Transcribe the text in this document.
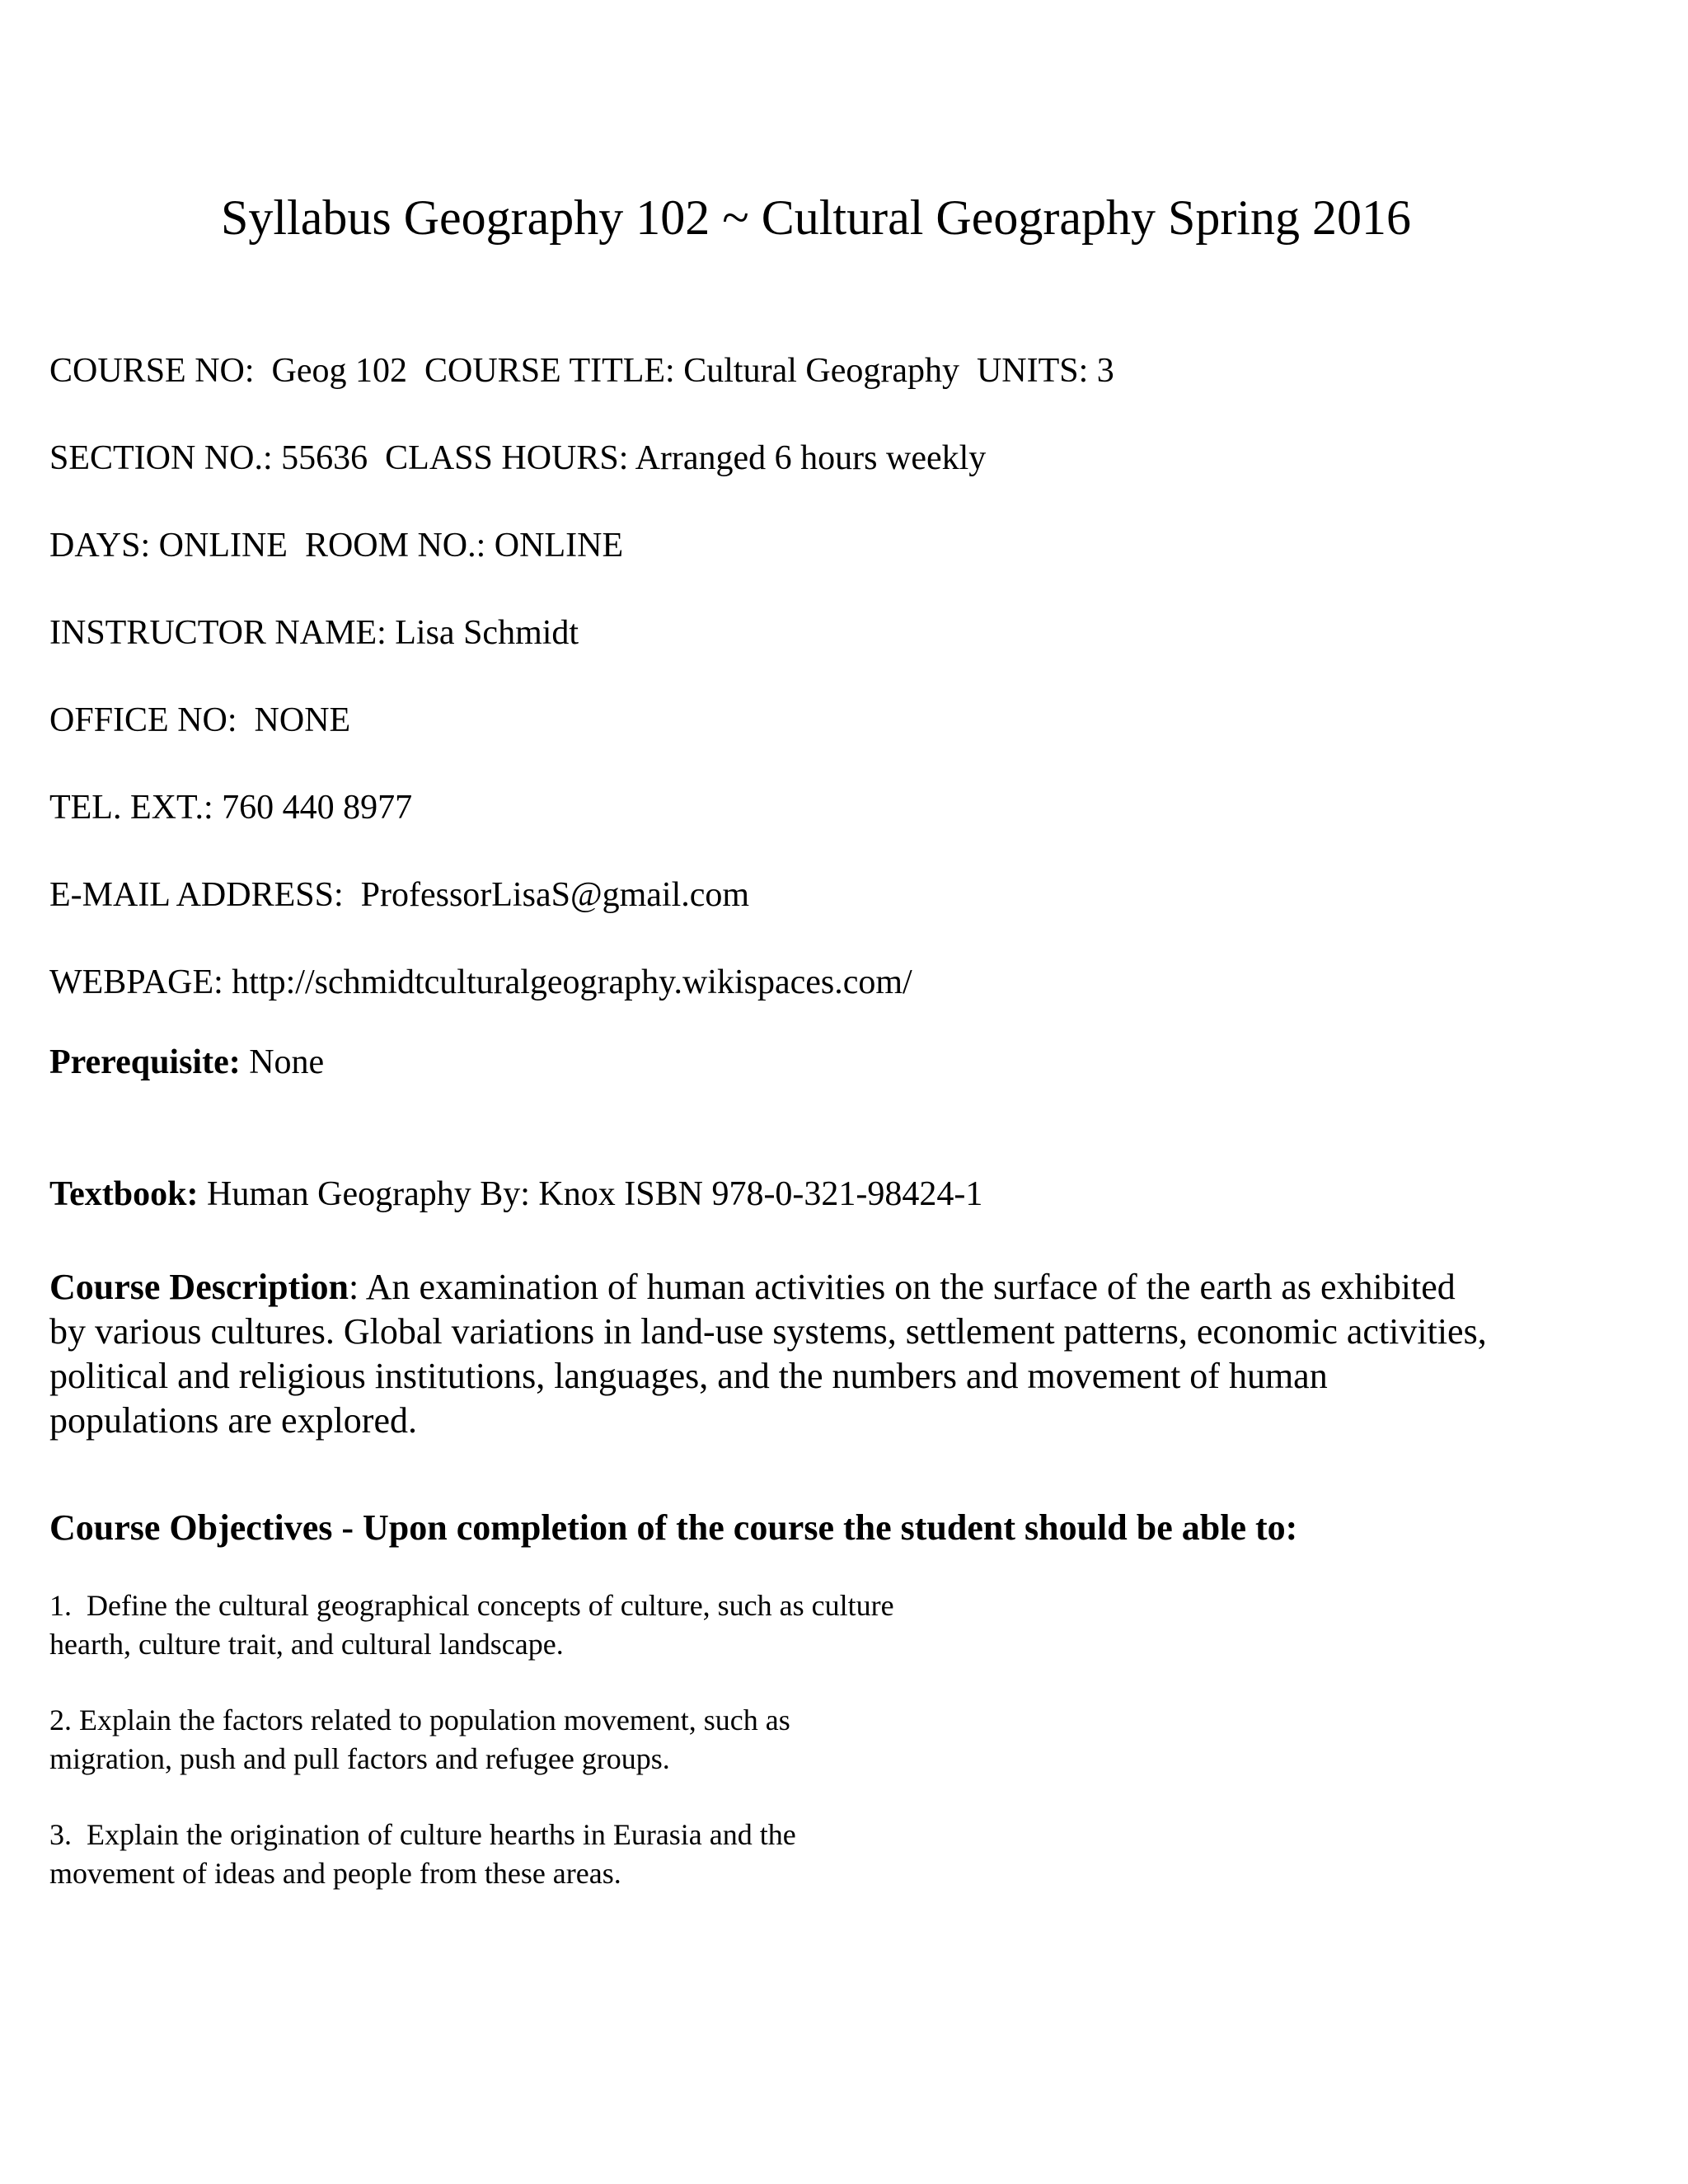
Syllabus Geography 102 ~ Cultural Geography Spring 2016
COURSE NO:  Geog 102  COURSE TITLE: Cultural Geography  UNITS: 3
SECTION NO.: 55636  CLASS HOURS: Arranged 6 hours weekly
DAYS: ONLINE  ROOM NO.: ONLINE
INSTRUCTOR NAME: Lisa Schmidt
OFFICE NO:  NONE
TEL. EXT.: 760 440 8977
E-MAIL ADDRESS:  ProfessorLisaS@gmail.com
WEBPAGE: http://schmidtculturalgeography.wikispaces.com/
Prerequisite: None
Textbook: Human Geography By: Knox ISBN 978-0-321-98424-1
Course Description: An examination of human activities on the surface of the earth as exhibited
by various cultures. Global variations in land-use systems, settlement patterns, economic activities,
political and religious institutions, languages, and the numbers and movement of human
populations are explored.
Course Objectives - Upon completion of the course the student should be able to:
1.  Define the cultural geographical concepts of culture, such as culture
hearth, culture trait, and cultural landscape.
2. Explain the factors related to population movement, such as
migration, push and pull factors and refugee groups.
3.  Explain the origination of culture hearths in Eurasia and the
movement of ideas and people from these areas.
